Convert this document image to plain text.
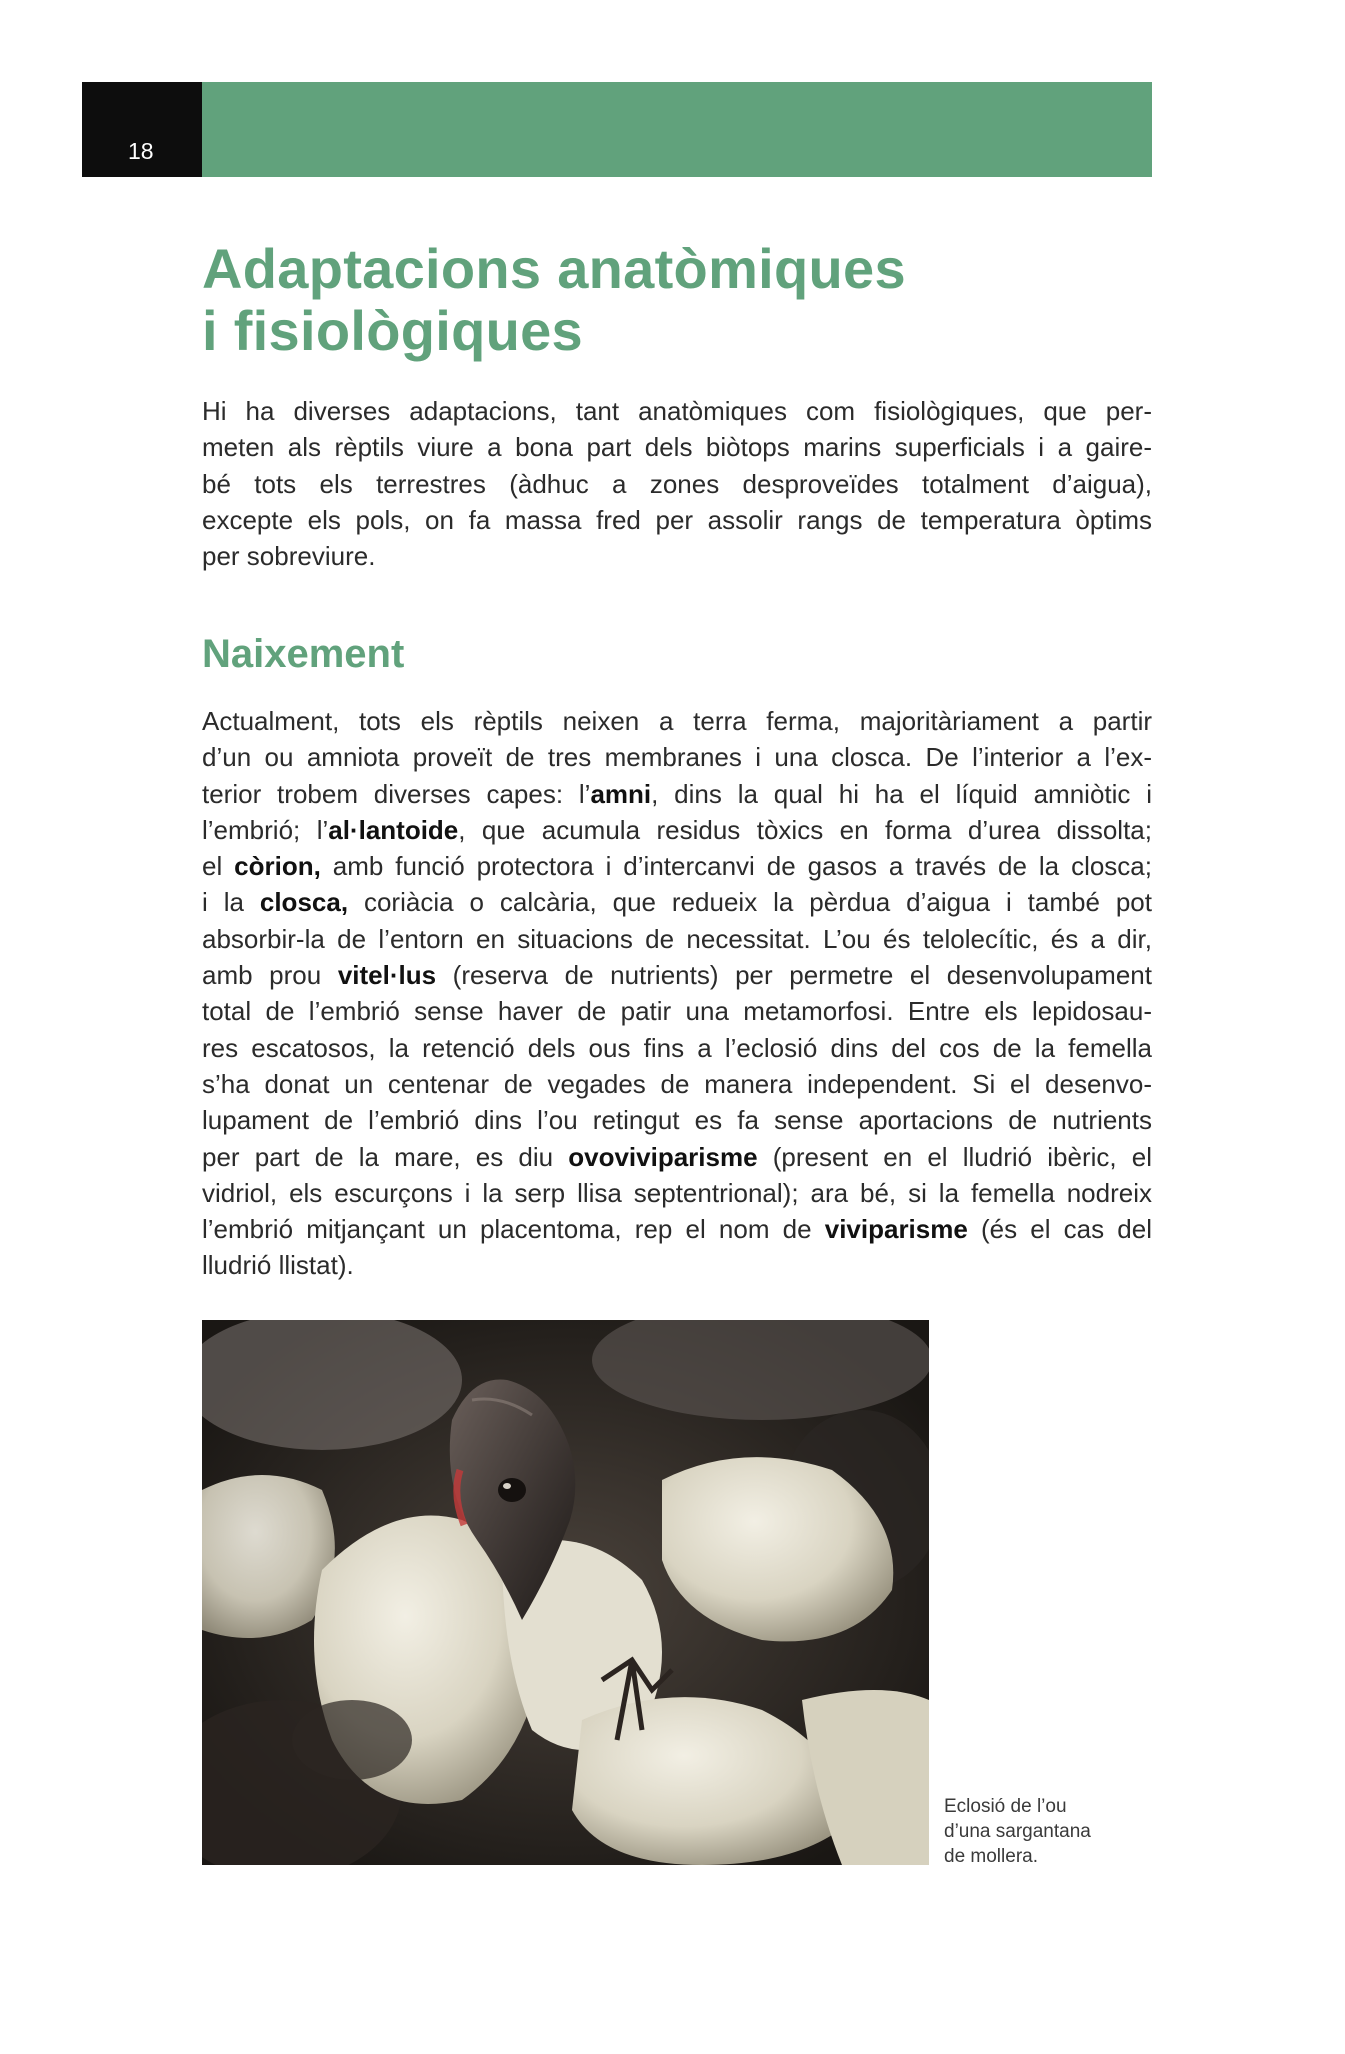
18
Adaptacions anatòmiques
i fisiològiques

Hi ha diverses adaptacions, tant anatòmiques com fisiològiques, que per-
meten als rèptils viure a bona part dels biòtops marins superficials i a gaire-
bé tots els terrestres (àdhuc a zones desproveïdes totalment d’aigua),
excepte els pols, on fa massa fred per assolir rangs de temperatura òptims
per sobreviure.

Naixement

Actualment, tots els rèptils neixen a terra ferma, majoritàriament a partir
d’un ou amniota proveït de tres membranes i una closca. De l’interior a l’ex-
terior trobem diverses capes: l’amni, dins la qual hi ha el líquid amniòtic i
l’embrió; l’al·lantoide, que acumula residus tòxics en forma d’urea dissolta;
el còrion, amb funció protectora i d’intercanvi de gasos a través de la closca;
i la closca, coriàcia o calcària, que redueix la pèrdua d’aigua i també pot
absorbir-la de l’entorn en situacions de necessitat. L’ou és telolecític, és a dir,
amb prou vitel·lus (reserva de nutrients) per permetre el desenvolupament
total de l’embrió sense haver de patir una metamorfosi. Entre els lepidosau-
res escatosos, la retenció dels ous fins a l’eclosió dins del cos de la femella
s’ha donat un centenar de vegades de manera independent. Si el desenvo-
lupament de l’embrió dins l’ou retingut es fa sense aportacions de nutrients
per part de la mare, es diu ovoviviparisme (present en el lludrió ibèric, el
vidriol, els escurçons i la serp llisa septentrional); ara bé, si la femella nodreix
l’embrió mitjançant un placentoma, rep el nom de viviparisme (és el cas del
lludrió llistat).

Eclosió de l’ou
d’una sargantana
de mollera.
